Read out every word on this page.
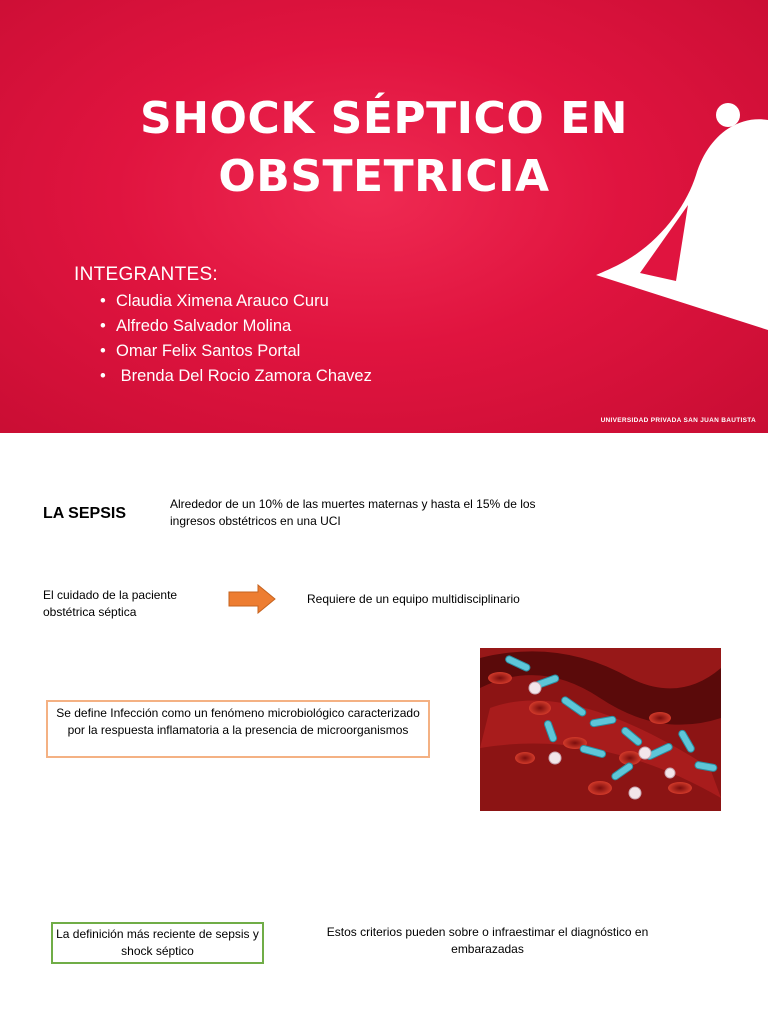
SHOCK SÉPTICO EN
OBSTETRICIA
INTEGRANTES:
• Claudia Ximena Arauco Curu
• Alfredo Salvador Molina
• Omar Felix Santos Portal
• Brenda Del Rocio Zamora Chavez
UNIVERSIDAD PRIVADA SAN JUAN BAUTISTA
LA SEPSIS
Alrededor de un 10% de las muertes maternas y hasta el 15% de los ingresos obstétricos en una UCI
El cuidado de la paciente obstétrica séptica
Requiere de un equipo multidisciplinario
Se define Infección como un fenómeno microbiológico caracterizado por la respuesta inflamatoria a la presencia de microorganismos
La definición más reciente de sepsis y shock séptico
Estos criterios pueden sobre o infraestimar el diagnóstico en embarazadas
